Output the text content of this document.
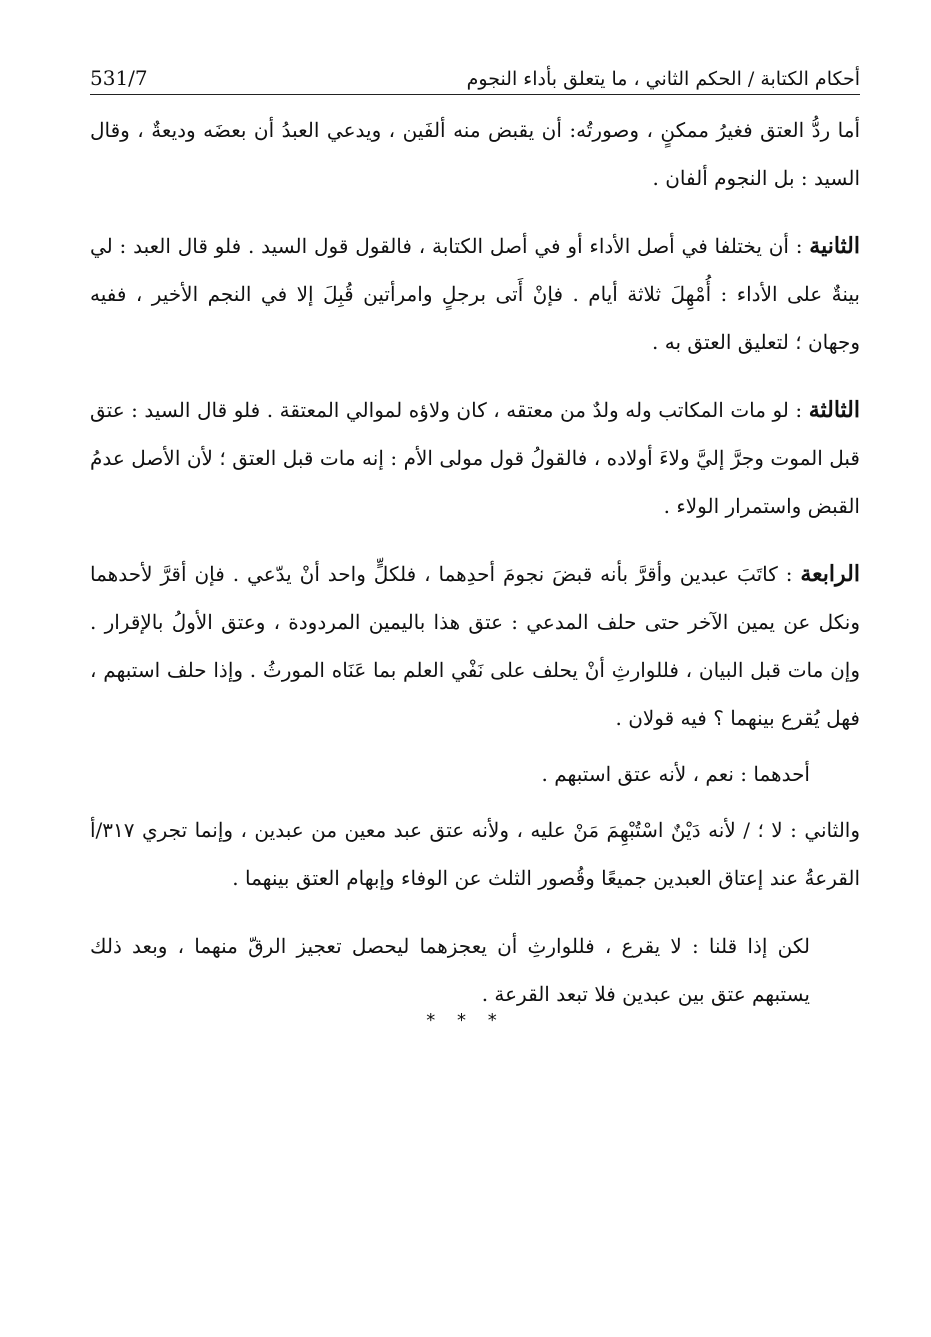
أحكام الكتابة / الحكم الثاني ، ما يتعلق بأداء النجوم
531/7

أما ردُّ العتق فغيرُ ممكنٍ ، وصورتُه: أن يقبض منه ألفَين ، ويدعي العبدُ أن بعضَه وديعةٌ ، وقال السيد : بل النجوم ألفان .

الثانية : أن يختلفا في أصل الأداء أو في أصل الكتابة ، فالقول قول السيد . فلو قال العبد : لي بينةٌ على الأداء : أُمْهِلَ ثلاثة أيام . فإنْ أَتى برجلٍ وامرأتين قُبِلَ إلا في النجم الأخير ، ففيه وجهان ؛ لتعليق العتق به .

الثالثة : لو مات المكاتب وله ولدٌ من معتقه ، كان ولاؤه لموالي المعتقة . فلو قال السيد : عتق قبل الموت وجرَّ إليَّ ولاءَ أولاده ، فالقولُ قول مولى الأم : إنه مات قبل العتق ؛ لأن الأصل عدمُ القبض واستمرار الولاء .

الرابعة : كاتَبَ عبدين وأقرَّ بأنه قبضَ نجومَ أحدِهما ، فلكلٍّ واحد أنْ يدّعي . فإن أقرَّ لأحدهما ونكل عن يمين الآخر حتى حلف المدعي : عتق هذا باليمين المردودة ، وعتق الأولُ بالإقرار . وإن مات قبل البيان ، فللوارثِ أنْ يحلف على نَفْي العلم بما عَنَاه المورثُ . وإذا حلف استبهم ، فهل يُقرع بينهما ؟ فيه قولان .

أحدهما : نعم ، لأنه عتق استبهم .

والثاني : لا ؛ / لأنه دَيْنٌ اسْتُبْهِمَ مَنْ عليه ، ولأنه عتق عبد معين من عبدين ، وإنما تجري ٣١٧/أ القرعةُ عند إعتاق العبدين جميعًا وقُصور الثلث عن الوفاء وإبهام العتق بينهما .

لكن إذا قلنا : لا يقرع ، فللوارثِ أن يعجزهما ليحصل تعجيز الرقّ منهما ، وبعد ذلك يستبهم عتق بين عبدين فلا تبعد القرعة .

* * *
